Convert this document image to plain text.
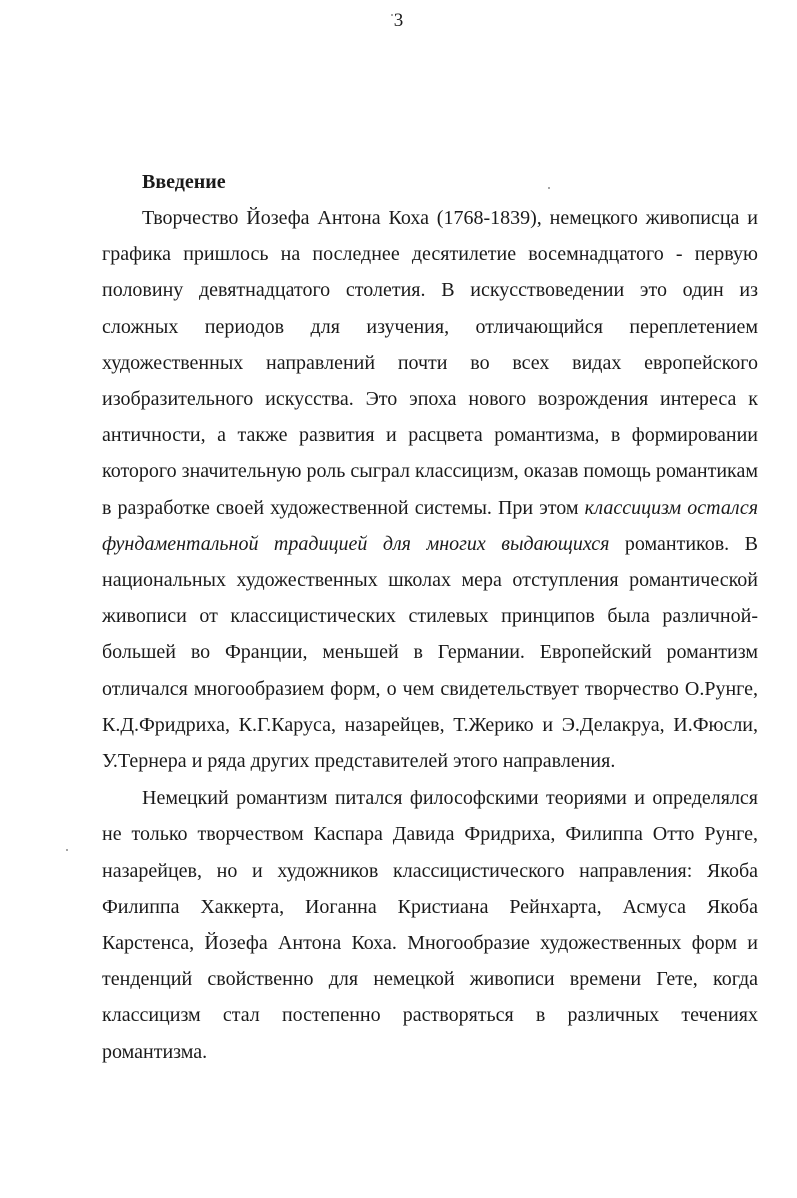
3
Введение

Творчество Йозефа Антона Коха (1768-1839), немецкого живописца и графика пришлось на последнее десятилетие восемнадцатого - первую половину девятнадцатого столетия. В искусствоведении это один из сложных периодов для изучения, отличающийся переплетением художественных направлений почти во всех видах европейского изобразительного искусства. Это эпоха нового возрождения интереса к античности, а также развития и расцвета романтизма, в формировании которого значительную роль сыграл классицизм, оказав помощь романтикам в разработке своей художественной системы. При этом классицизм остался фундаментальной традицией для многих выдающихся романтиков. В национальных художественных школах мера отступления романтической живописи от классицистических стилевых принципов была различной- большей во Франции, меньшей в Германии. Европейский романтизм отличался многообразием форм, о чем свидетельствует творчество О.Рунге, К.Д.Фридриха, К.Г.Каруса, назарейцев, Т.Жерико и Э.Делакруа, И.Фюсли, У.Тернера и ряда других представителей этого направления.

Немецкий романтизм питался философскими теориями и определялся не только творчеством Каспара Давида Фридриха, Филиппа Отто Рунге, назарейцев, но и художников классицистического направления: Якоба Филиппа Хаккерта, Иоганна Кристиана Рейнхарта, Асмуса Якоба Карстенса, Йозефа Антона Коха. Многообразие художественных форм и тенденций свойственно для немецкой живописи времени Гете, когда классицизм стал постепенно растворяться в различных течениях романтизма.
